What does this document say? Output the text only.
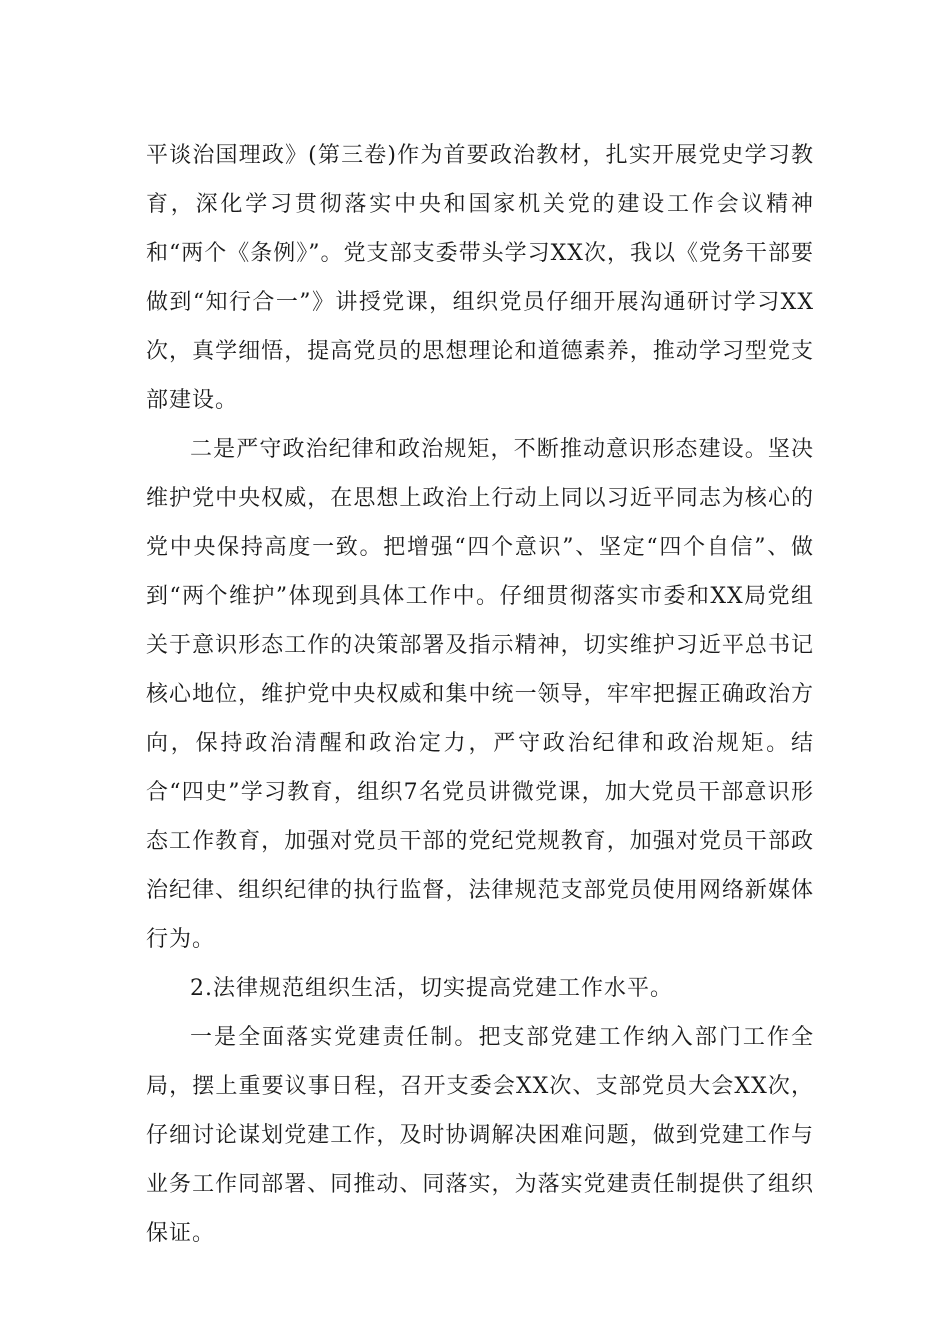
平谈治国理政》(第三卷)作为首要政治教材，扎实开展党史学习教育，深化学习贯彻落实中央和国家机关党的建设工作会议精神和“两个《条例》”。党支部支委带头学习XX次，我以《党务干部要做到“知行合一”》讲授党课，组织党员仔细开展沟通研讨学习XX次，真学细悟，提高党员的思想理论和道德素养，推动学习型党支部建设。

二是严守政治纪律和政治规矩，不断推动意识形态建设。坚决维护党中央权威，在思想上政治上行动上同以习近平同志为核心的党中央保持高度一致。把增强“四个意识”、坚定“四个自信”、做到“两个维护”体现到具体工作中。仔细贯彻落实市委和XX局党组关于意识形态工作的决策部署及指示精神，切实维护习近平总书记核心地位，维护党中央权威和集中统一领导，牢牢把握正确政治方向，保持政治清醒和政治定力，严守政治纪律和政治规矩。结合“四史”学习教育，组织7名党员讲微党课，加大党员干部意识形态工作教育，加强对党员干部的党纪党规教育，加强对党员干部政治纪律、组织纪律的执行监督，法律规范支部党员使用网络新媒体行为。

2.法律规范组织生活，切实提高党建工作水平。

一是全面落实党建责任制。把支部党建工作纳入部门工作全局，摆上重要议事日程，召开支委会XX次、支部党员大会XX次，仔细讨论谋划党建工作，及时协调解决困难问题，做到党建工作与业务工作同部署、同推动、同落实，为落实党建责任制提供了组织保证。
